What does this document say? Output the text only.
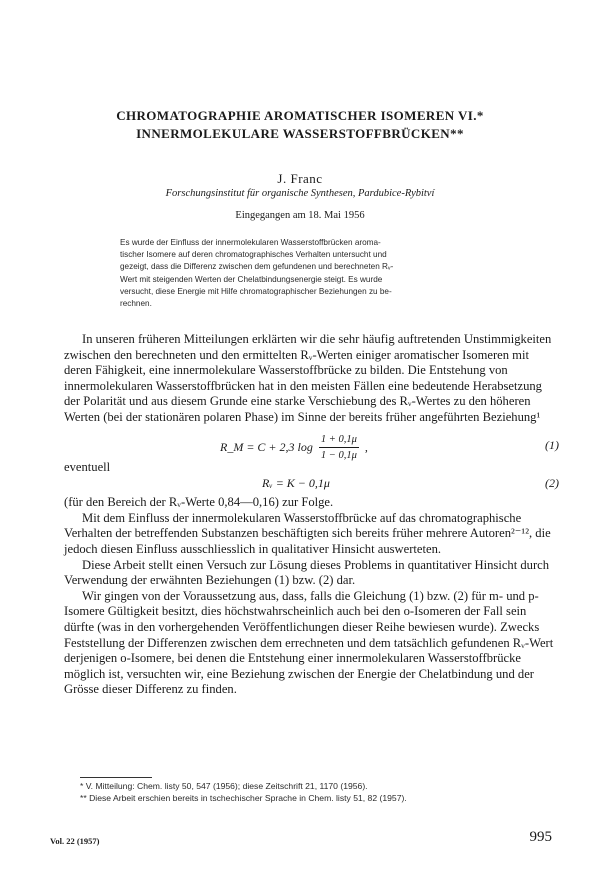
CHROMATOGRAPHIE AROMATISCHER ISOMEREN VI.*
INNERMOLEKULARE WASSERSTOFFBRÜCKEN**
J. Franc
Forschungsinstitut für organische Synthesen, Pardubice-Rybitví
Eingegangen am 18. Mai 1956
Es wurde der Einfluss der innermolekularen Wasserstoffbrücken aroma-
tischer Isomere auf deren chromatographisches Verhalten untersucht und
gezeigt, dass die Differenz zwischen dem gefundenen und berechneten Rᵥ-
Wert mit steigenden Werten der Chelatbindungsenergie steigt. Es wurde
versucht, diese Energie mit Hilfe chromatographischer Beziehungen zu be-
rechnen.

In unseren früheren Mitteilungen erklärten wir die sehr häufig auftretenden Unstimmigkeiten zwischen den berechneten und den ermittelten Rᵥ-Werten einiger aromatischer Isomeren mit deren Fähigkeit, eine innermolekulare Wasserstoffbrücke zu bilden. Die Entstehung von innermolekularen Wasserstoffbrücken hat in den meisten Fällen eine bedeutende Herabsetzung der Polarität und aus diesem Grunde eine starke Verschiebung des Rᵥ-Wertes zu den höheren Werten (bei der stationären polaren Phase) im Sinne der bereits früher angeführten Beziehung¹

R_M = C + 2,3 $\log \frac{1 + 0,1\mu}{1 - 0,1\mu}$ ,	(1)

eventuell

Rᵥ = K − 0,1μ	(2)

(für den Bereich der Rᵥ-Werte 0,84—0,16) zur Folge.

Mit dem Einfluss der innermolekularen Wasserstoffbrücke auf das chromatographische Verhalten der betreffenden Substanzen beschäftigten sich bereits früher mehrere Autoren²⁻¹², die jedoch diesen Einfluss ausschliesslich in qualitativer Hinsicht auswerteten.

Diese Arbeit stellt einen Versuch zur Lösung dieses Problems in quantitativer Hinsicht durch Verwendung der erwähnten Beziehungen (1) bzw. (2) dar.

Wir gingen von der Voraussetzung aus, dass, falls die Gleichung (1) bzw. (2) für m- und p-Isomere Gültigkeit besitzt, dies höchstwahrscheinlich auch bei den o-Isomeren der Fall sein dürfte (was in den vorhergehenden Veröffentlichungen dieser Reihe bewiesen wurde). Zwecks Feststellung der Differenzen zwischen dem errechneten und dem tatsächlich gefundenen Rᵥ-Wert derjenigen o-Isomere, bei denen die Entstehung einer innermolekularen Wasserstoffbrücke möglich ist, versuchten wir, eine Beziehung zwischen der Energie der Chelatbindung und der Grösse dieser Differenz zu finden.

* V. Mitteilung: Chem. listy 50, 547 (1956); diese Zeitschrift 21, 1170 (1956).
** Diese Arbeit erschien bereits in tschechischer Sprache in Chem. listy 51, 82 (1957).
Vol. 22 (1957)	995
